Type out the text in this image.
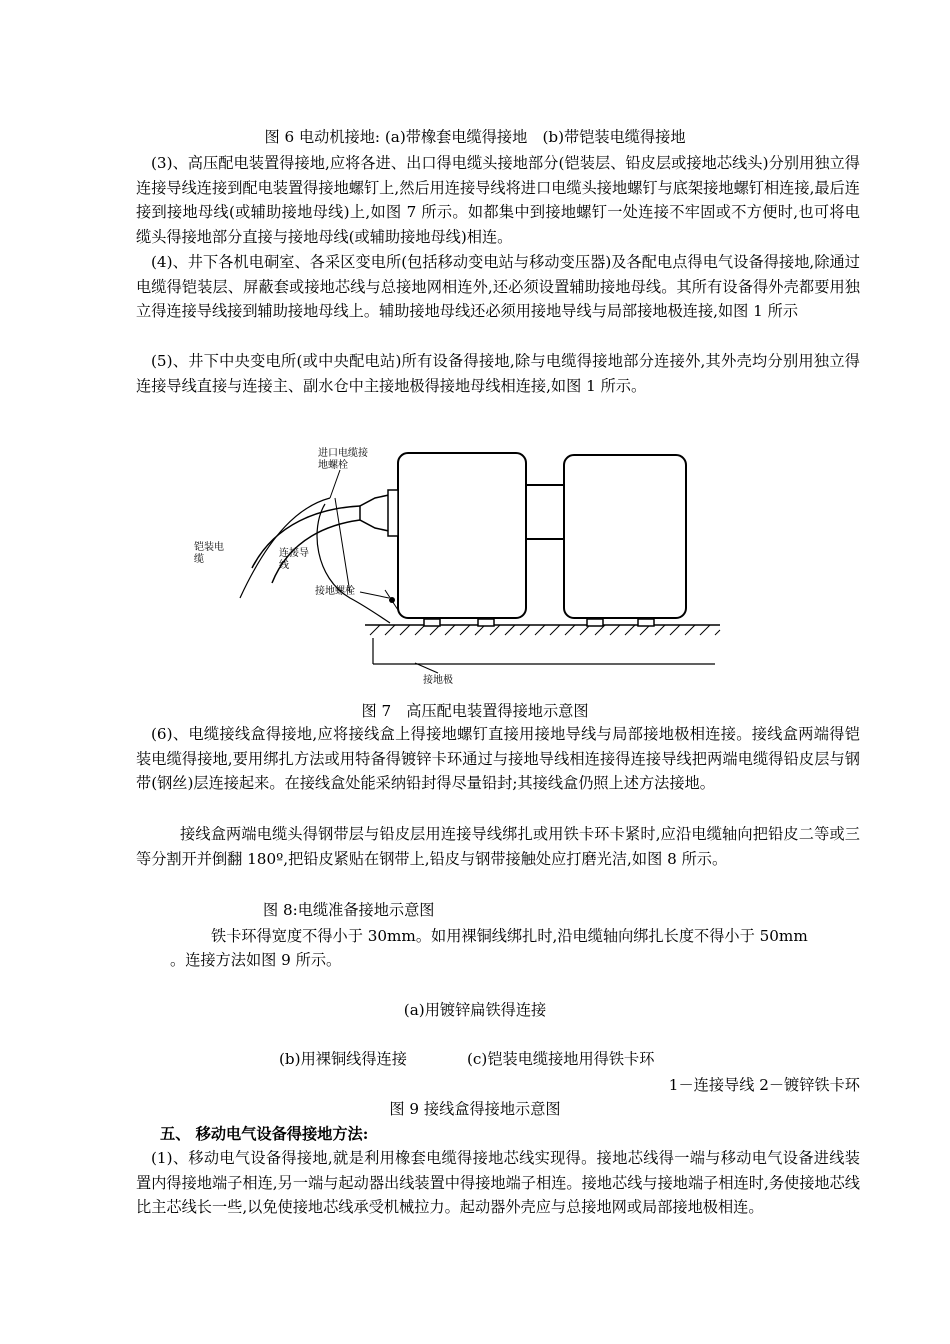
图 6 电动机接地: (a)带橡套电缆得接地　(b)带铠装电缆得接地

(3)、高压配电装置得接地,应将各进、出口得电缆头接地部分(铠装层、铅皮层或接地芯线头)分别用独立得连接导线连接到配电装置得接地螺钉上,然后用连接导线将进口电缆头接地螺钉与底架接地螺钉相连接,最后连接到接地母线(或辅助接地母线)上,如图 7 所示。如都集中到接地螺钉一处连接不牢固或不方便时,也可将电缆头得接地部分直接与接地母线(或辅助接地母线)相连。

(4)、井下各机电硐室、各采区变电所(包括移动变电站与移动变压器)及各配电点得电气设备得接地,除通过电缆得铠装层、屏蔽套或接地芯线与总接地网相连外,还必须设置辅助接地母线。其所有设备得外壳都要用独立得连接导线接到辅助接地母线上。辅助接地母线还必须用接地导线与局部接地极连接,如图 1 所示

(5)、井下中央变电所(或中央配电站)所有设备得接地,除与电缆得接地部分连接外,其外壳均分别用独立得连接导线直接与连接主、副水仓中主接地极得接地母线相连接,如图 1 所示。

进口电缆接
地螺栓
铠装电
缆
连接导
线
接地螺栓
接地极
图 7　高压配电装置得接地示意图

(6)、电缆接线盒得接地,应将接线盒上得接地螺钉直接用接地导线与局部接地极相连接。接线盒两端得铠装电缆得接地,要用绑扎方法或用特备得镀锌卡环通过与接地导线相连接得连接导线把两端电缆得铅皮层与钢带(钢丝)层连接起来。在接线盒处能采纳铅封得尽量铅封;其接线盒仍照上述方法接地。

接线盒两端电缆头得钢带层与铅皮层用连接导线绑扎或用铁卡环卡紧时,应沿电缆轴向把铅皮二等或三等分割开并倒翻 180º,把铅皮紧贴在钢带上,铅皮与钢带接触处应打磨光洁,如图 8 所示。

图 8:电缆准备接地示意图
铁卡环得宽度不得小于 30mm。如用裸铜线绑扎时,沿电缆轴向绑扎长度不得小于 50mm
。连接方法如图 9 所示。
(a)用镀锌扁铁得连接
(b)用裸铜线得连接	(c)铠装电缆接地用得铁卡环
1－连接导线 2－镀锌铁卡环
图 9 接线盒得接地示意图
五、 移动电气设备得接地方法:

(1)、移动电气设备得接地,就是利用橡套电缆得接地芯线实现得。接地芯线得一端与移动电气设备进线装置内得接地端子相连,另一端与起动器出线装置中得接地端子相连。接地芯线与接地端子相连时,务使接地芯线比主芯线长一些,以免使接地芯线承受机械拉力。起动器外壳应与总接地网或局部接地极相连。
